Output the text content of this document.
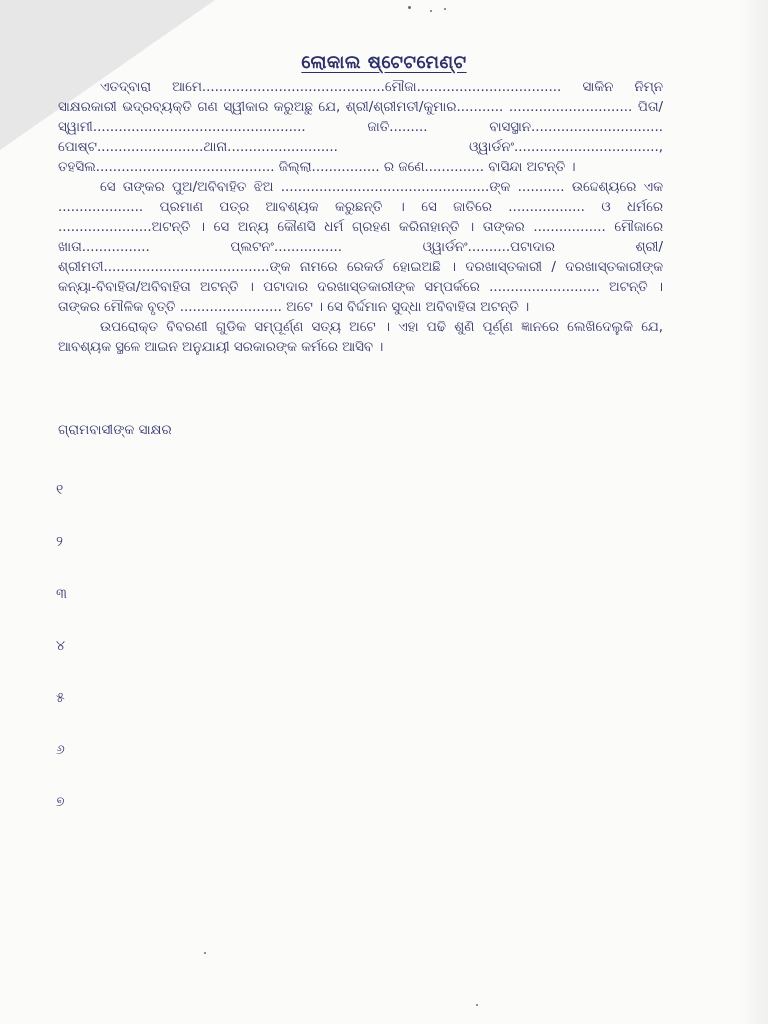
ଲୋକାଲ ଷ୍ଟେଟମେଣ୍ଟ

ଏତଦ୍ବାରା ଆମେ...........................................ମୌଜା.................................. ସାକିନ ନିମ୍ନ ସାକ୍ଷରକାରୀ ଭଦ୍ରବ୍ୟକ୍ତି ଗଣ ସ୍ୱୀକାର କରୁଅଛୁ ଯେ, ଶ୍ରୀ/ଶ୍ରୀମତୀ/କୁମାର........... ............................. ପିତା/ସ୍ୱାମୀ.................................................. ଜାତି......... ବାସସ୍ଥାନ............................... ପୋଷ୍ଟ.........................ଥାନା.......................... ଓ୍ୱାର୍ଡନଂ.................................., ତହସିଲ.......................................... ଜିଲ୍ଲା................ ର ଜଣେ.............. ବାସିନ୍ଦା ଅଟନ୍ତି ।

ସେ ତାଙ୍କର ପୁଅ/ଅବିବାହିତ ଝିଅ .................................................ଙ୍କ ........... ଉଦ୍ଦେଶ୍ୟରେ ଏକ .................... ପ୍ରମାଣ ପତ୍ର ଆବଶ୍ୟକ କରୁଛନ୍ତି । ସେ ଜାତିରେ .................. ଓ ଧର୍ମରେ ......................ଅଟନ୍ତି । ସେ ଅନ୍ୟ କୌଣସି ଧର୍ମ ଗ୍ରହଣ କରିନାହାନ୍ତି । ତାଙ୍କର ................. ମୌଜାରେ ଖାତା................ ପ୍ଲଟନଂ................ ଓ୍ୱାର୍ଡନଂ..........ପଟାଦାର ଶ୍ରୀ/ଶ୍ରୀମତୀ.......................................ଙ୍କ ନାମରେ ରେକର୍ଡ ହୋଇଅଛି । ଦରଖାସ୍ତକାରୀ / ଦରଖାସ୍ତକାରୀଙ୍କ କନ୍ୟା-ବିବାହିତା/ଅବିବାହିତା ଅଟନ୍ତି । ପଟାଦାର ଦରଖାସ୍ତକାରୀଙ୍କ ସମ୍ପର୍କରେ .......................... ଅଟନ୍ତି । ତାଙ୍କର ମୌଳିକ ବୃତ୍ତି ........................ ଅଟେ । ସେ ବିର୍ଦ୍ଦମାନ ସୁଦ୍ଧା ଅବିବାହିତା ଅଟନ୍ତି ।

ଉପରୋକ୍ତ ବିବରଣୀ ଗୁଡିକ ସମ୍ପୂର୍ଣ୍ଣ ସତ୍ୟ ଅଟେ । ଏହା ପଢି ଶୁଣି ପୂର୍ଣ୍ଣ ଜ୍ଞାନରେ ଲେଖିଦେଲୁକି ଯେ, ଆବଶ୍ୟକ ସ୍ଥଳେ ଆଇନ ଅନୁଯାୟୀ ସରକାରଙ୍କ କର୍ମରେ ଆସିବ ।

ଗ୍ରାମବାସୀଙ୍କ ସାକ୍ଷର
୧
୨
୩
୪
୫
୬
୭
